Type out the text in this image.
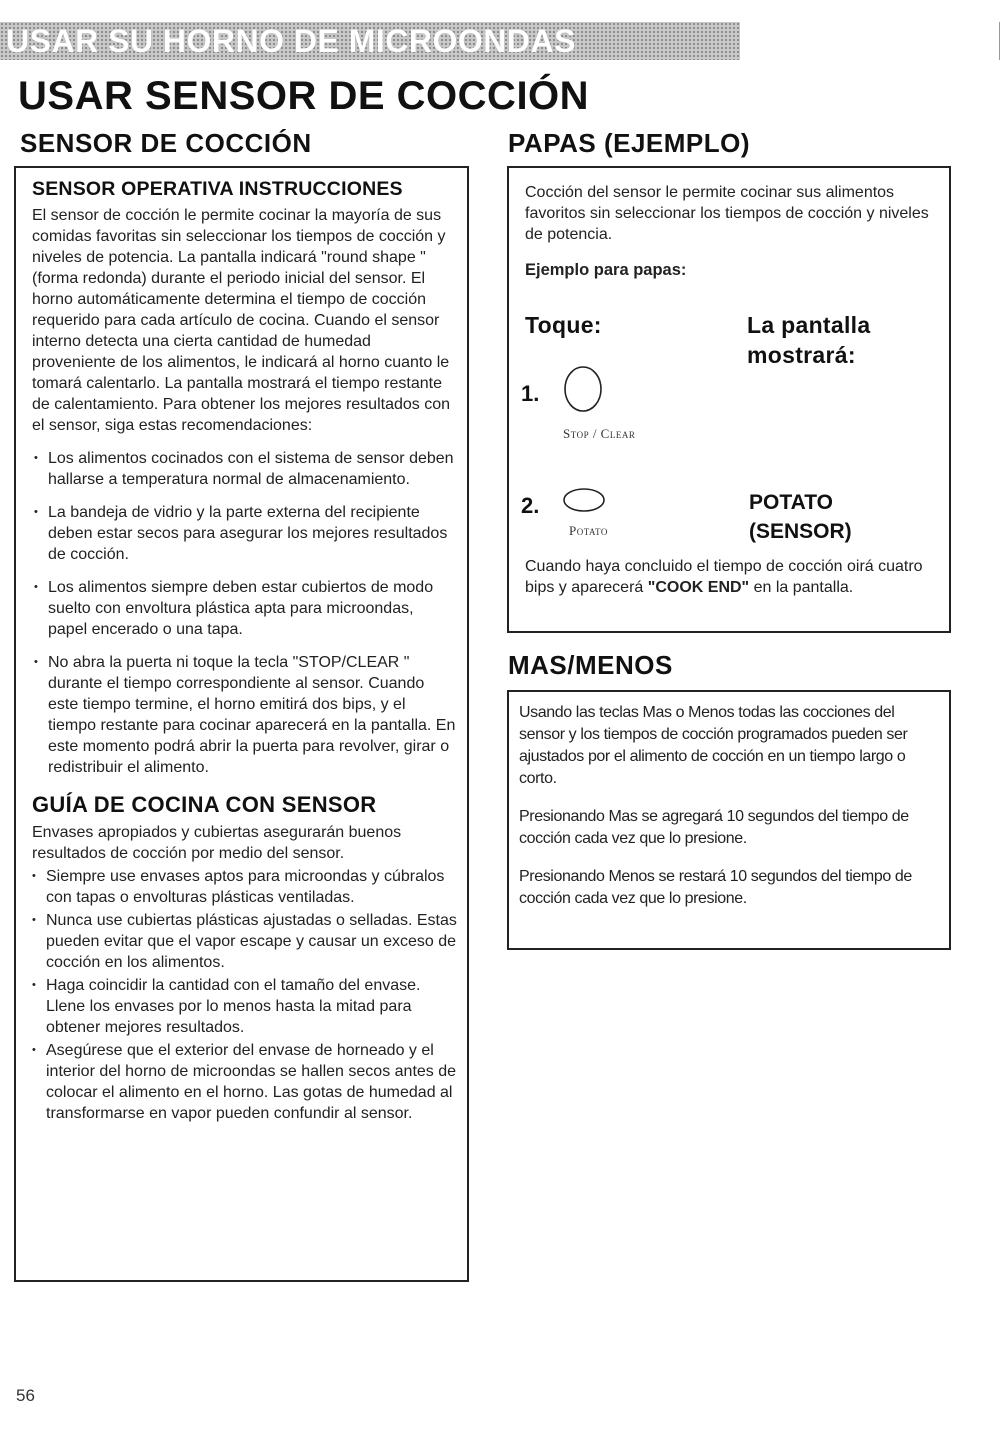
USAR SU HORNO DE MICROONDAS
USAR SENSOR DE COCCIÓN
SENSOR DE COCCIÓN
SENSOR OPERATIVA INSTRUCCIONES

El sensor de cocción le permite cocinar la mayoría de sus comidas favoritas sin seleccionar los tiempos de cocción y niveles de potencia. La pantalla indicará "round shape " (forma redonda) durante el periodo inicial del sensor. El horno automáticamente determina el tiempo de cocción requerido para cada artículo de cocina. Cuando el sensor interno detecta una cierta cantidad de humedad proveniente de los alimentos, le indicará al horno cuanto le tomará calentarlo. La pantalla mostrará el tiempo restante de calentamiento. Para obtener los mejores resultados con el sensor, siga estas recomendaciones:

• Los alimentos cocinados con el sistema de sensor deben hallarse a temperatura normal de almacenamiento.
• La bandeja de vidrio y la parte externa del recipiente deben estar secos para asegurar los mejores resultados de cocción.
• Los alimentos siempre deben estar cubiertos de modo suelto con envoltura plástica apta para microondas, papel encerado o una tapa.
• No abra la puerta ni toque la tecla "STOP/CLEAR " durante el tiempo correspondiente al sensor. Cuando este tiempo termine, el horno emitirá dos bips, y el tiempo restante para cocinar aparecerá en la pantalla. En este momento podrá abrir la puerta para revolver, girar o redistribuir el alimento.
GUÍA DE COCINA CON SENSOR

Envases apropiados y cubiertas asegurarán buenos resultados de cocción por medio del sensor.

• Siempre use envases aptos para microondas y cúbralos con tapas o envolturas plásticas ventiladas.
• Nunca use cubiertas plásticas ajustadas o selladas. Estas pueden evitar que el vapor escape y causar un exceso de cocción en los alimentos.
• Haga coincidir la cantidad con el tamaño del envase. Llene los envases por lo menos hasta la mitad para obtener mejores resultados.
• Asegúrese que el exterior del envase de horneado y el interior del horno de microondas se hallen secos antes de colocar el alimento en el horno. Las gotas de humedad al transformarse en vapor pueden confundir al sensor.
PAPAS (EJEMPLO)

Cocción del sensor le permite cocinar sus alimentos favoritos sin seleccionar los tiempos de cocción y niveles de potencia.

Ejemplo para papas:

Toque:	La pantalla

mostrará:

1.
Stop / Clear
2.
Potato

POTATO

(SENSOR)

Cuando haya concluido el tiempo de cocción oirá cuatro bips y aparecerá "COOK END" en la pantalla.

MAS/MENOS

Usando las teclas Mas o Menos todas las cocciones del sensor y los tiempos de cocción programados pueden ser ajustados por el alimento de cocción en un tiempo largo o corto.

Presionando Mas se agregará 10 segundos del tiempo de cocción cada vez que lo presione.

Presionando Menos se restará 10 segundos del tiempo de cocción cada vez que lo presione.

56
